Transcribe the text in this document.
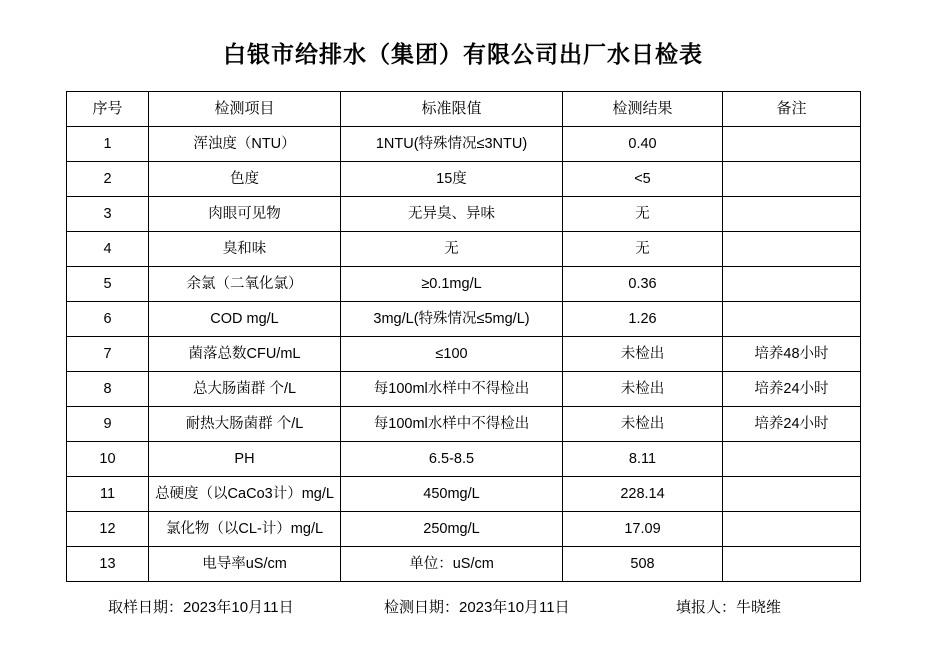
白银市给排水（集团）有限公司出厂水日检表
序号	检测项目	标准限值	检测结果	备注
1	浑浊度（NTU）	1NTU(特殊情况≤3NTU)	0.40	
2	色度	15度	<5	
3	肉眼可见物	无异臭、异味	无	
4	臭和味	无	无	
5	余氯（二氧化氯）	≥0.1mg/L	0.36	
6	COD mg/L	3mg/L(特殊情况≤5mg/L)	1.26	
7	菌落总数CFU/mL	≤100	未检出	培养48小时
8	总大肠菌群 个/L	每100ml水样中不得检出	未检出	培养24小时
9	耐热大肠菌群 个/L	每100ml水样中不得检出	未检出	培养24小时
10	PH	6.5-8.5	8.11	
11	总硬度（以CaCo3计）mg/L	450mg/L	228.14	
12	氯化物（以CL-计）mg/L	250mg/L	17.09	
13	电导率uS/cm	单位：uS/cm	508	
取样日期：2023年10月11日	检测日期：2023年10月11日	填报人：牛晓维
